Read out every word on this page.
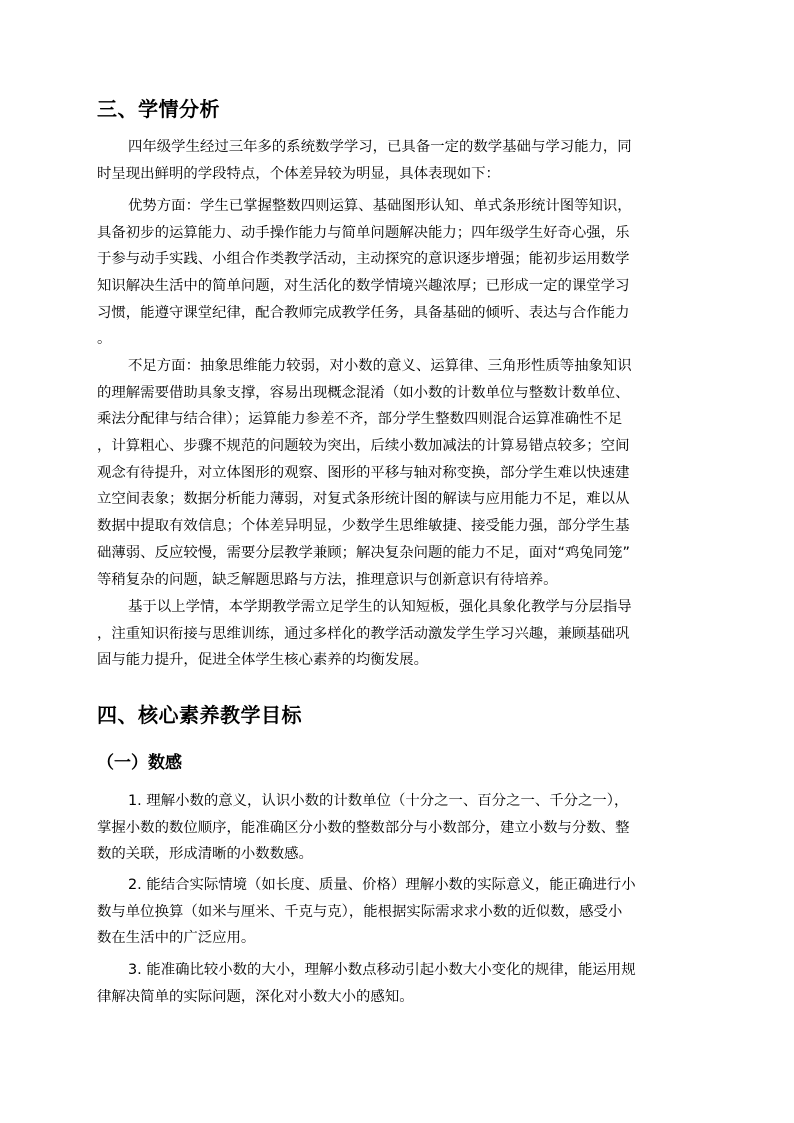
三、学情分析
四年级学生经过三年多的系统数学学习，已具备一定的数学基础与学习能力，同
时呈现出鲜明的学段特点，个体差异较为明显，具体表现如下：
优势方面：学生已掌握整数四则运算、基础图形认知、单式条形统计图等知识，
具备初步的运算能力、动手操作能力与简单问题解决能力；四年级学生好奇心强，乐
于参与动手实践、小组合作类教学活动，主动探究的意识逐步增强；能初步运用数学
知识解决生活中的简单问题，对生活化的数学情境兴趣浓厚；已形成一定的课堂学习
习惯，能遵守课堂纪律，配合教师完成教学任务，具备基础的倾听、表达与合作能力
。
不足方面：抽象思维能力较弱，对小数的意义、运算律、三角形性质等抽象知识
的理解需要借助具象支撑，容易出现概念混淆（如小数的计数单位与整数计数单位、
乘法分配律与结合律）；运算能力参差不齐，部分学生整数四则混合运算准确性不足
，计算粗心、步骤不规范的问题较为突出，后续小数加减法的计算易错点较多；空间
观念有待提升，对立体图形的观察、图形的平移与轴对称变换，部分学生难以快速建
立空间表象；数据分析能力薄弱，对复式条形统计图的解读与应用能力不足，难以从
数据中提取有效信息；个体差异明显，少数学生思维敏捷、接受能力强，部分学生基
础薄弱、反应较慢，需要分层教学兼顾；解决复杂问题的能力不足，面对“鸡兔同笼”
等稍复杂的问题，缺乏解题思路与方法，推理意识与创新意识有待培养。
基于以上学情，本学期教学需立足学生的认知短板，强化具象化教学与分层指导
，注重知识衔接与思维训练，通过多样化的教学活动激发学生学习兴趣，兼顾基础巩
固与能力提升，促进全体学生核心素养的均衡发展。
四、核心素养教学目标
（一）数感
1. 理解小数的意义，认识小数的计数单位（十分之一、百分之一、千分之一），
掌握小数的数位顺序，能准确区分小数的整数部分与小数部分，建立小数与分数、整
数的关联，形成清晰的小数数感。
2. 能结合实际情境（如长度、质量、价格）理解小数的实际意义，能正确进行小
数与单位换算（如米与厘米、千克与克），能根据实际需求求小数的近似数，感受小
数在生活中的广泛应用。
3. 能准确比较小数的大小，理解小数点移动引起小数大小变化的规律，能运用规
律解决简单的实际问题，深化对小数大小的感知。
